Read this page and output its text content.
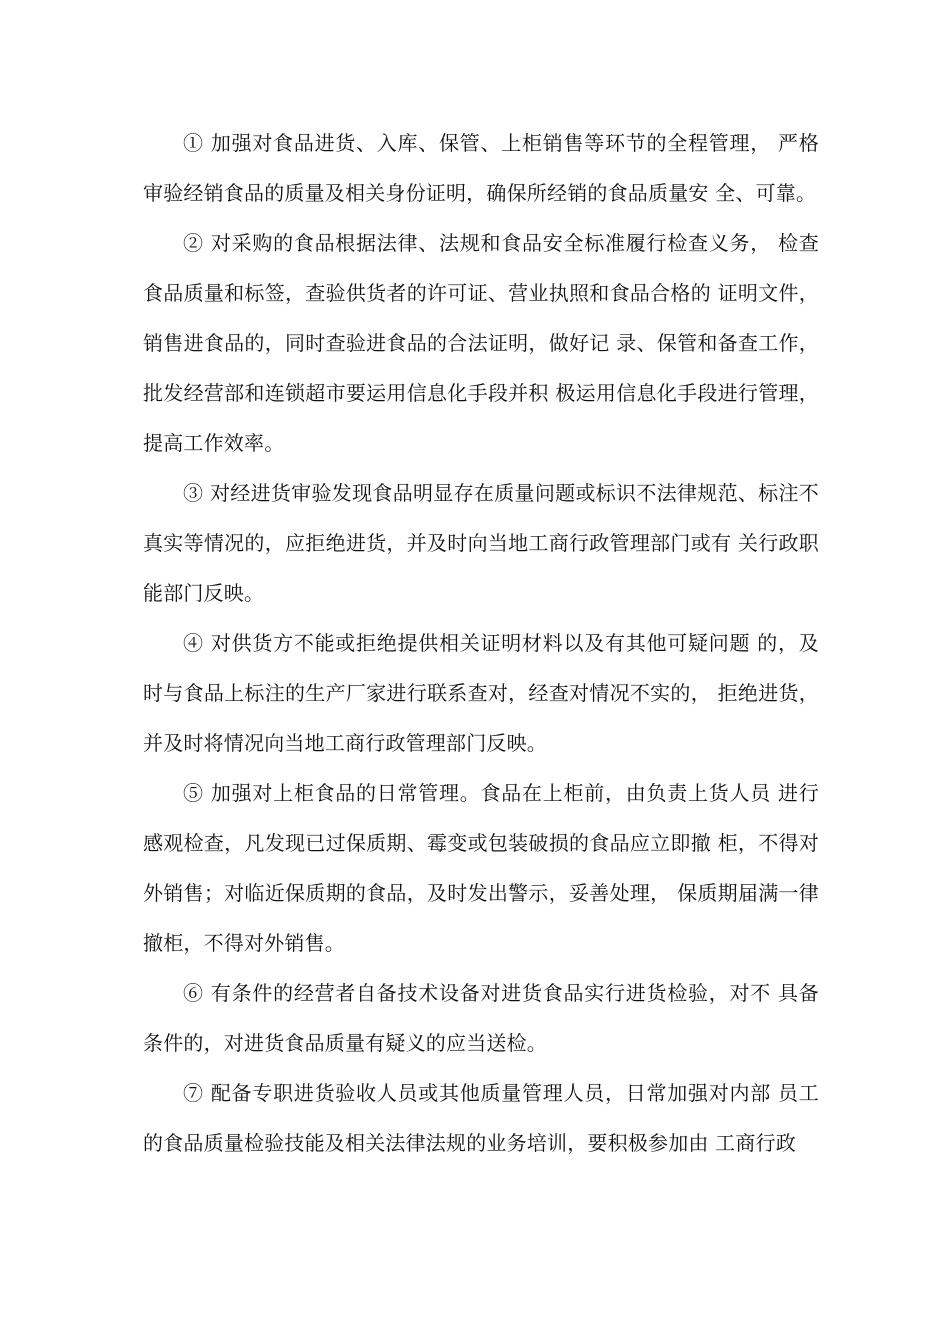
① 加强对食品进货、入库、保管、上柜销售等环节的全程管理， 严格审验经销食品的质量及相关身份证明，确保所经销的食品质量安 全、可靠。

② 对采购的食品根据法律、法规和食品安全标准履行检查义务， 检查食品质量和标签，查验供货者的许可证、营业执照和食品合格的 证明文件，销售进食品的，同时查验进食品的合法证明，做好记 录、保管和备查工作，批发经营部和连锁超市要运用信息化手段并积 极运用信息化手段进行管理，提高工作效率。

③ 对经进货审验发现食品明显存在质量问题或标识不法律规范、标注不真实等情况的，应拒绝进货，并及时向当地工商行政管理部门或有 关行政职能部门反映。

④ 对供货方不能或拒绝提供相关证明材料以及有其他可疑问题 的，及时与食品上标注的生产厂家进行联系查对，经查对情况不实的， 拒绝进货，并及时将情况向当地工商行政管理部门反映。

⑤ 加强对上柜食品的日常管理。食品在上柜前，由负责上货人员 进行感观检查，凡发现已过保质期、霉变或包装破损的食品应立即撤 柜，不得对外销售；对临近保质期的食品，及时发出警示，妥善处理， 保质期届满一律撤柜，不得对外销售。

⑥ 有条件的经营者自备技术设备对进货食品实行进货检验，对不 具备条件的，对进货食品质量有疑义的应当送检。

⑦ 配备专职进货验收人员或其他质量管理人员，日常加强对内部 员工的食品质量检验技能及相关法律法规的业务培训，要积极参加由 工商行政
